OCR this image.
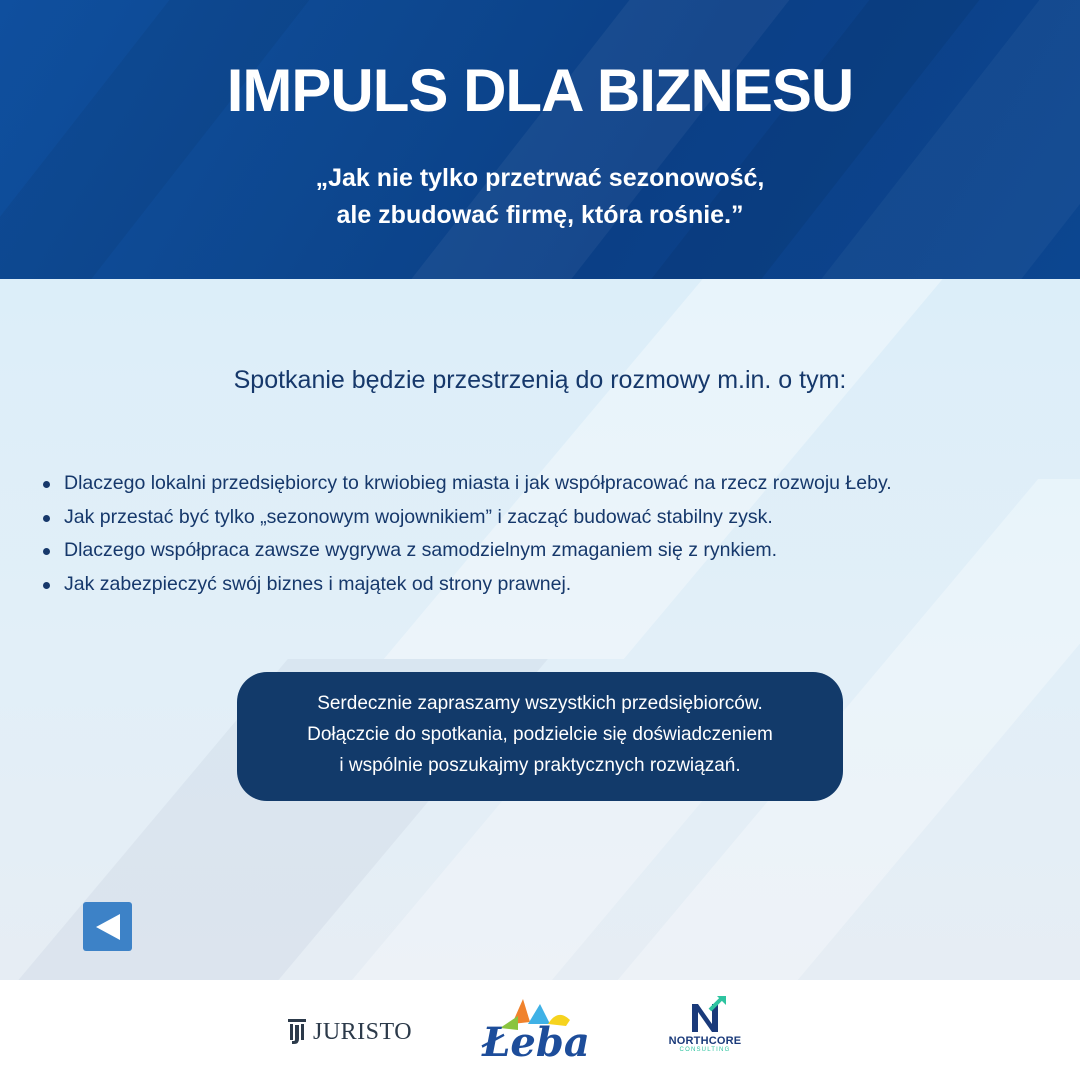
IMPULS DLA BIZNESU
„Jak nie tylko przetrwać sezonowość,
ale zbudować firmę, która rośnie.”

Spotkanie będzie przestrzenią do rozmowy m.in. o tym:

Dlaczego lokalni przedsiębiorcy to krwiobieg miasta i jak współpracować na rzecz rozwoju Łeby.
Jak przestać być tylko „sezonowym wojownikiem” i zacząć budować stabilny zysk.
Dlaczego współpraca zawsze wygrywa z samodzielnym zmaganiem się z rynkiem.
Jak zabezpieczyć swój biznes i majątek od strony prawnej.
Serdecznie zapraszamy wszystkich przedsiębiorców.
Dołączcie do spotkania, podzielcie się doświadczeniem
i wspólnie poszukajmy praktycznych rozwiązań.
JURISTO Łeba	NORTHCORE
CONSULTING
